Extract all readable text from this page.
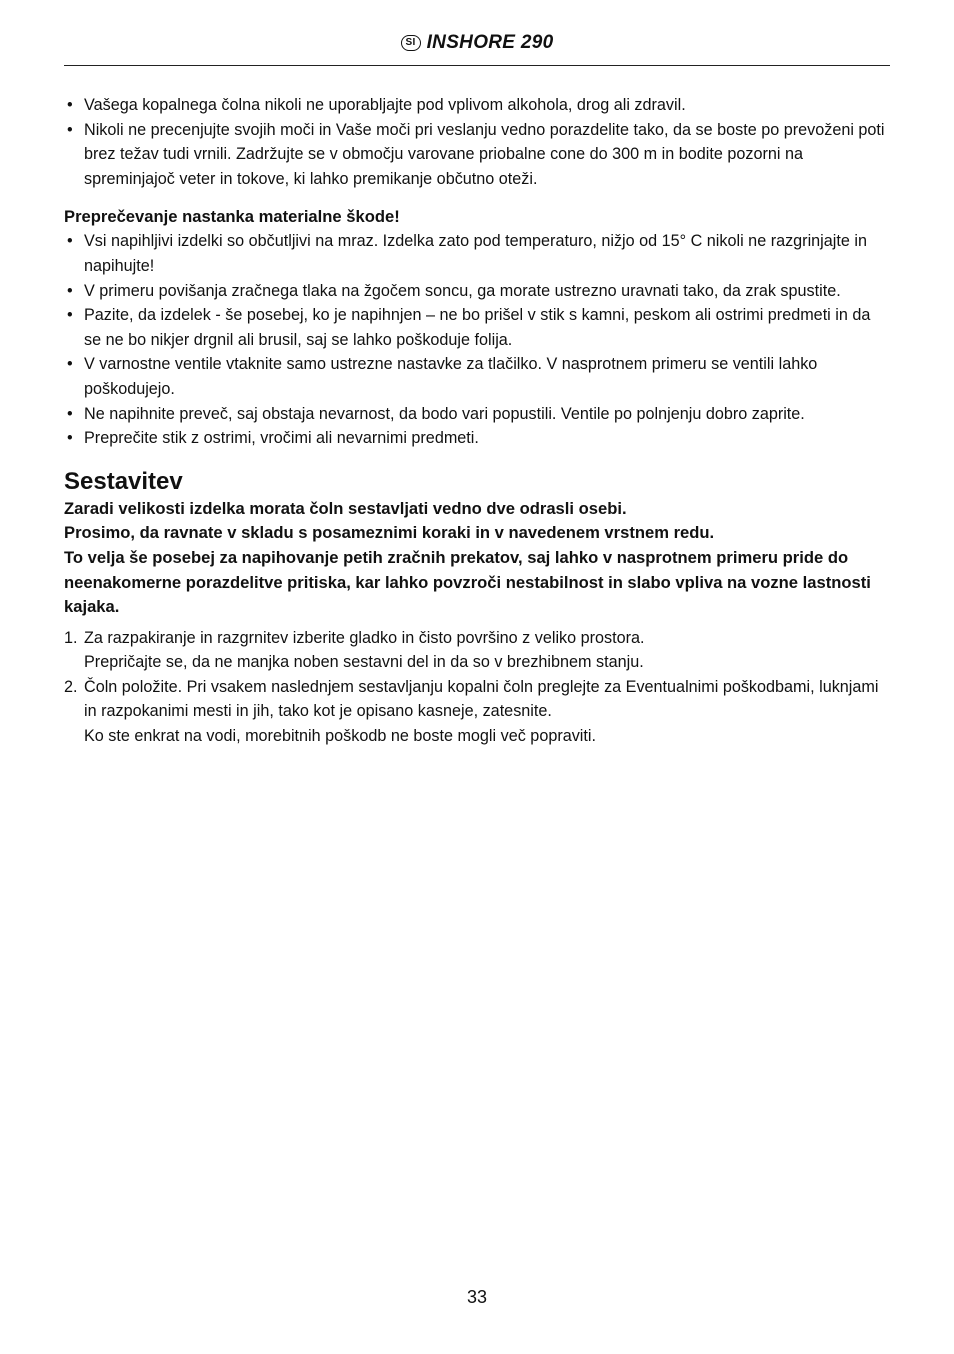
SI INSHORE 290
• Vašega kopalnega čolna nikoli ne uporabljajte pod vplivom alkohola, drog ali zdravil.
• Nikoli ne precenjujte svojih moči in Vaše moči pri veslanju vedno porazdelite tako, da se boste po prevoženi poti brez težav tudi vrnili. Zadržujte se v območju varovane priobalne cone do 300 m in bodite pozorni na spreminjajoč veter in tokove, ki lahko premikanje občutno oteži.
Preprečevanje nastanka materialne škode!
• Vsi napihljivi izdelki so občutljivi na mraz. Izdelka zato pod temperaturo, nižjo od 15° C nikoli ne razgrinjajte in napihujte!
• V primeru povišanja zračnega tlaka na žgočem soncu, ga morate ustrezno uravnati tako, da zrak spustite.
• Pazite, da izdelek - še posebej, ko je napihnjen – ne bo prišel v stik s kamni, peskom ali ostrimi predmeti in da se ne bo nikjer drgnil ali brusil, saj se lahko poškoduje folija.
• V varnostne ventile vtaknite samo ustrezne nastavke za tlačilko. V nasprotnem primeru se ventili lahko poškodujejo.
• Ne napihnite preveč, saj obstaja nevarnost, da bodo vari popustili. Ventile po polnjenju dobro zaprite.
• Preprečite stik z ostrimi, vročimi ali nevarnimi predmeti.
Sestavitev
Zaradi velikosti izdelka morata čoln sestavljati vedno dve odrasli osebi.
Prosimo, da ravnate v skladu s posameznimi koraki in v navedenem vrstnem redu.
To velja še posebej za napihovanje petih zračnih prekatov, saj lahko v nasprotnem primeru pride do neenakomerne porazdelitve pritiska, kar lahko povzroči nestabilnost in slabo vpliva na vozne lastnosti kajaka.
1. Za razpakiranje in razgrnitev izberite gladko in čisto površino z veliko prostora.
Prepričajte se, da ne manjka noben sestavni del in da so v brezhibnem stanju.
2. Čoln položite. Pri vsakem naslednjem sestavljanju kopalni čoln preglejte za Eventualnimi poškodbami, luknjami in razpokanimi mesti in jih, tako kot je opisano kasneje, zatesnite.
Ko ste enkrat na vodi, morebitnih poškodb ne boste mogli več popraviti.
33
